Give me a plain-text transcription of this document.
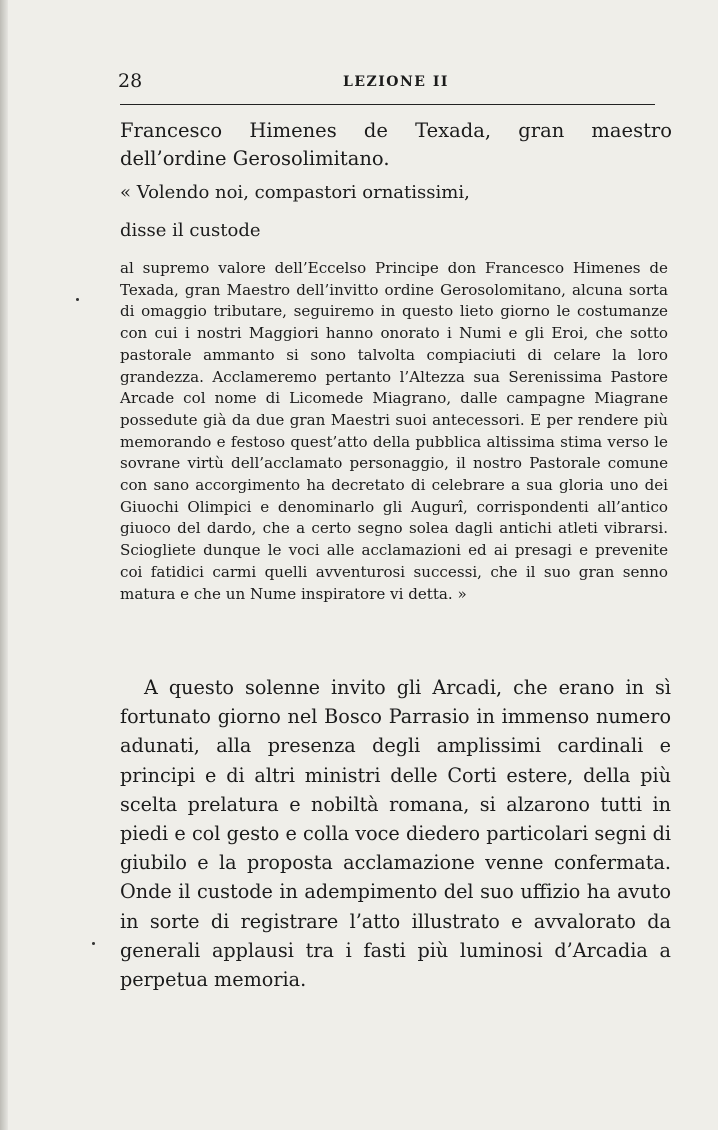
28	LEZIONE II
Francesco Himenes de Texada, gran maestro dell’ordine Gerosolimitano.
« Volendo noi, compastori ornatissimi,
disse il custode
al supremo valore dell’Eccelso Principe don Francesco Himenes de Texada, gran Maestro dell’invitto ordine Gerosolomitano, alcuna sorta di omaggio tributare, seguiremo in questo lieto giorno le costumanze con cui i nostri Maggiori hanno onorato i Numi e gli Eroi, che sotto pastorale ammanto si sono talvolta compiaciuti di celare la loro grandezza. Acclameremo pertanto l’Altezza sua Serenissima Pastore Arcade col nome di Licomede Miagrano, dalle campagne Miagrane possedute già da due gran Maestri suoi antecessori. E per rendere più memorando e festoso quest’atto della pubblica altissima stima verso le sovrane virtù dell’acclamato personaggio, il nostro Pastorale comune con sano accorgimento ha decretato di celebrare a sua gloria uno dei Giuochi Olimpici e denominarlo gli Augurî, corrispondenti all’antico giuoco del dardo, che a certo segno solea dagli antichi atleti vibrarsi. Sciogliete dunque le voci alle acclamazioni ed ai presagi e prevenite coi fatidici carmi quelli avventurosi successi, che il suo gran senno matura e che un Nume inspiratore vi detta. »
A questo solenne invito gli Arcadi, che erano in sì fortunato giorno nel Bosco Parrasio in immenso numero adunati, alla presenza degli amplissimi cardinali e principi e di altri ministri delle Corti estere, della più scelta prelatura e nobiltà romana, si alzarono tutti in piedi e col gesto e colla voce diedero particolari segni di giubilo e la proposta acclamazione venne confermata. Onde il custode in adempimento del suo uffizio ha avuto in sorte di registrare l’atto illustrato e avvalorato da generali applausi tra i fasti più luminosi d’Arcadia a perpetua memoria.
